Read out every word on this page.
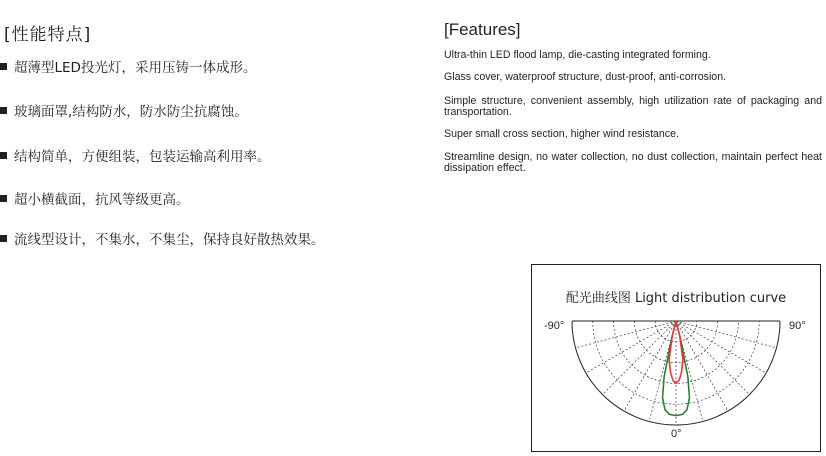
[性能特点]
超薄型LED投光灯，采用压铸一体成形。
玻璃面罩,结构防水，防水防尘抗腐蚀。
结构简单，方便组装，包装运输高利用率。
超小横截面，抗风等级更高。
流线型设计，不集水，不集尘，保持良好散热效果。
[Features]
Ultra-thin LED flood lamp, die-casting integrated forming.
Glass cover, waterproof structure, dust-proof, anti-corrosion.
Simple structure, convenient assembly, high utilization rate of packaging and transportation.
Super small cross section, higher wind resistance.
Streamline design, no water collection, no dust collection, maintain perfect heat dissipation effect.
配光曲线图 Light distribution curve
-90°	90°
0°
